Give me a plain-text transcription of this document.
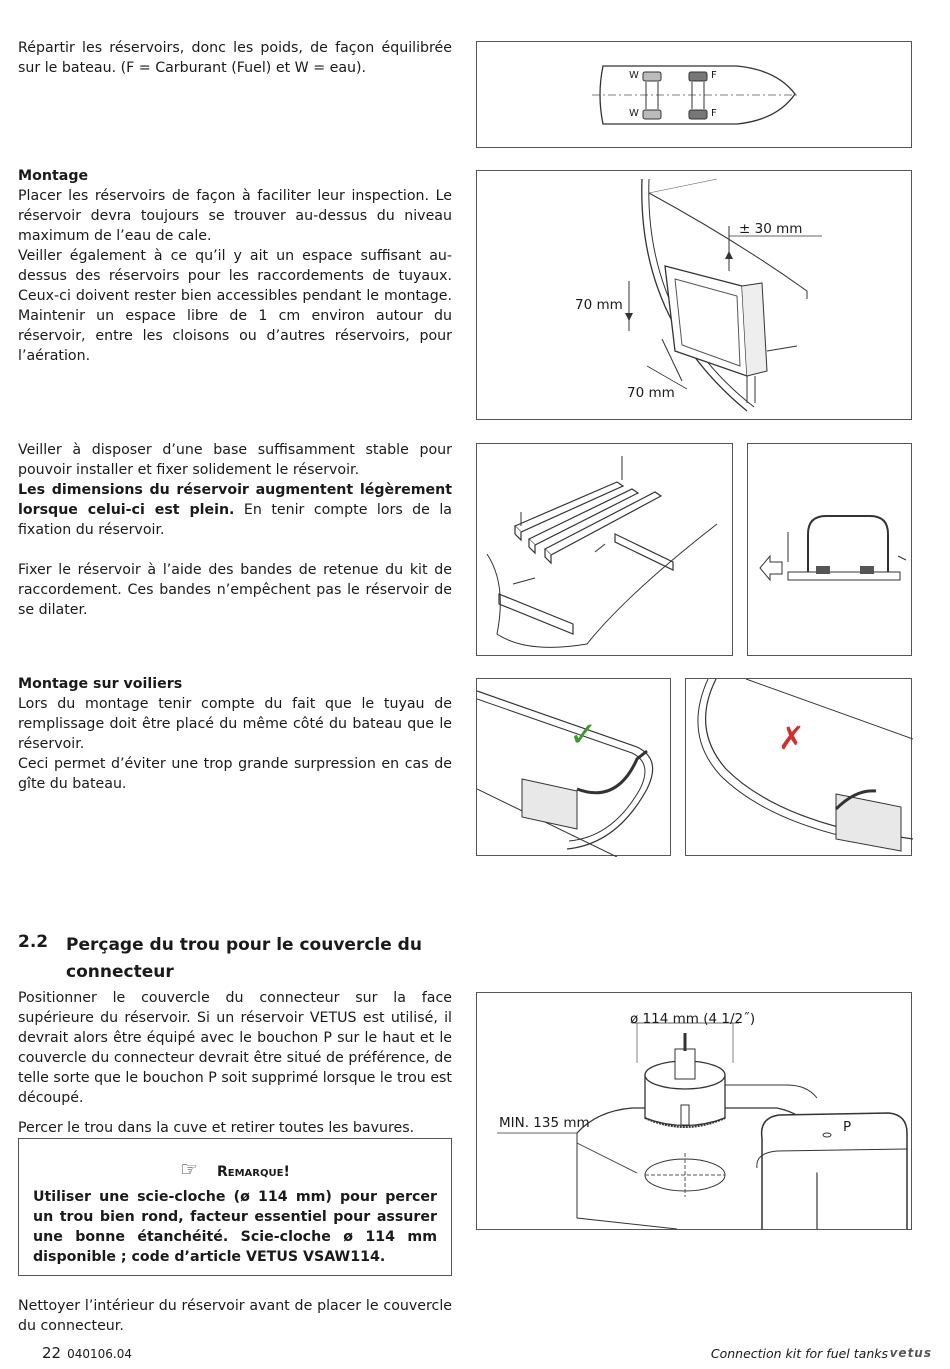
Répartir les réservoirs, donc les poids, de façon équilibrée sur le bateau. (F = Carburant (Fuel) et W = eau).	W
W
F
F

Montage

Placer les réservoirs de façon à faciliter leur inspection. Le réservoir devra toujours se trouver au-dessus du niveau maximum de l’eau de cale.

Veiller également à ce qu’il y ait un espace suffisant au-dessus des réservoirs pour les raccordements de tuyaux. Ceux-ci doivent rester bien accessibles pendant le montage. Maintenir un espace libre de 1 cm environ autour du réservoir, entre les cloisons ou d’autres réservoirs, pour l’aération.

± 30 mm
70 mm
70 mm

Veiller à disposer d’une base suffisamment stable pour pouvoir installer et fixer solidement le réservoir.

Les dimensions du réservoir augmentent légèrement lorsque celui-ci est plein. En tenir compte lors de la fixation du réservoir.

Fixer le réservoir à l’aide des bandes de retenue du kit de raccordement. Ces bandes n’empêchent pas le réservoir de se dilater.

Montage sur voiliers

Lors du montage tenir compte du fait que le tuyau de remplissage doit être placé du même côté du bateau que le réservoir.

Ceci permet d’éviter une trop grande surpression en cas de gîte du bateau.

✓	✗
2.2 Perçage du trou pour le couvercle du connecteur

Positionner le couvercle du connecteur sur la face supérieure du réservoir. Si un réservoir VETUS est utilisé, il devrait alors être équipé avec le bouchon P sur le haut et le couvercle du connecteur devrait être situé de préférence, de telle sorte que le bouchon P soit supprimé lorsque le trou est découpé.

Percer le trou dans la cuve et retirer toutes les bavures.

ø 114 mm (4 1/2˝)
MIN. 135 mm	P
☞ Remarque!
Utiliser une scie-cloche (ø 114 mm) pour percer un trou bien rond, facteur essentiel pour assurer une bonne étanchéité. Scie-cloche ø 114 mm disponible ; code d’article VETUS VSAW114.

Nettoyer l’intérieur du réservoir avant de placer le couvercle du connecteur.

22 040106.04	Connection kit for fuel tanks vetus
